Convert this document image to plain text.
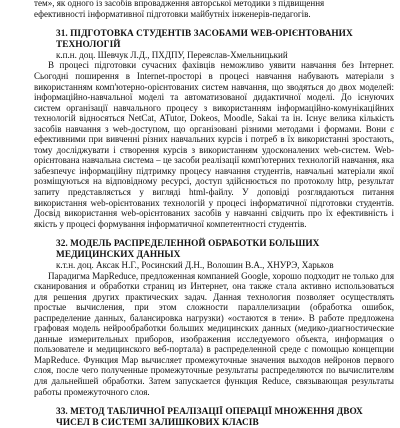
тем», як одного із засобів впровадження авторської методики з підвищення

ефективності інформативної підготовки майбутніх інженерів-педагогів.

31. ПІДГОТОВКА СТУДЕНТІВ ЗАСОБАМИ WEB-ОРІЄНТОВАНИХ
ТЕХНОЛОГІЙ

к.п.н. доц. Шевчук Л.Д., ПХДПУ, Переяслав-Хмельницький

В процесі підготовки сучасних фахівців неможливо уявити навчання без Інтернет. Сьогодні поширення в Internet-просторі в процесі навчання набувають матеріали з використанням комп'ютерно-орієнтованих систем навчання, що зводяться до двох моделей: інформаційно-навчальної моделі та автоматизованої дидактичної моделі. До існуючих систем організації навчального процесу з використанням інформаційно-комунікаційних технологій відносяться NetCat, ATutor, Dokeos, Moodle, Sakai та ін. Існує велика кількість засобів навчання з web-доступом, що організовані різними методами і формами. Вони є ефективними при вивченні різних навчальних курсів і потреб в їх використанні зростають, тому досліджувати і створення курсів з використанням удосконалених web-систем. Web-орієнтована навчальна система – це засоби реалізації комп'ютерних технологій навчання, яка забезпечує інформаційну підтримку процесу навчання студентів, навчальні матеріали якої розміщуються на відповідному ресурсі, доступ здійснюється по протоколу http, результат запиту представляється у вигляді html-файлу. У доповіді розглядаються питання використання web-орієнтованих технологій у процесі інформатичної підготовки студентів. Досвід використання web-орієнтованих засобів у навчанні свідчить про їх ефективність і якість у процесі формування інформатичної компетентності студентів.

32. МОДЕЛЬ РАСПРЕДЕЛЕННОЙ ОБРАБОТКИ БОЛЬШИХ
МЕДИЦИНСКИХ ДАННЫХ

к.т.н. доц. Аксак Н.Г., Росинский Д.Н., Волошин В.А., ХНУРЭ, Харьков

Парадигма MapReduce, предложенная компанией Google, хорошо подходит не только для сканирования и обработки страниц из Интернет, она также стала активно использоваться для решения других практических задач. Данная технология позволяет осуществлять простые вычисления, при этом сложности параллелизации (обработка ошибок, распределение данных, балансировка нагрузки) «остаются в тени». В работе предложена графовая модель нейрообработки больших медицинских данных (медико-диагностические данные измерительных приборов, изображения исследуемого объекта, информация о пользователе и медицинского веб-портала) в распределенной среде с помощью концепции MapReduce. Функция Map вычисляет промежуточные значения выходов нейронов первого слоя, после чего полученные промежуточные результаты распределяются по вычислителям для дальнейшей обработки. Затем запускается функция Reduce, связывающая результаты работы промежуточного слоя.

33. МЕТОД ТАБЛИЧНОЇ РЕАЛІЗАЦІЇ ОПЕРАЦІЇ МНОЖЕННЯ ДВОХ
ЧИСЕЛ В СИСТЕМІ ЗАЛИШКОВИХ КЛАСІВ
